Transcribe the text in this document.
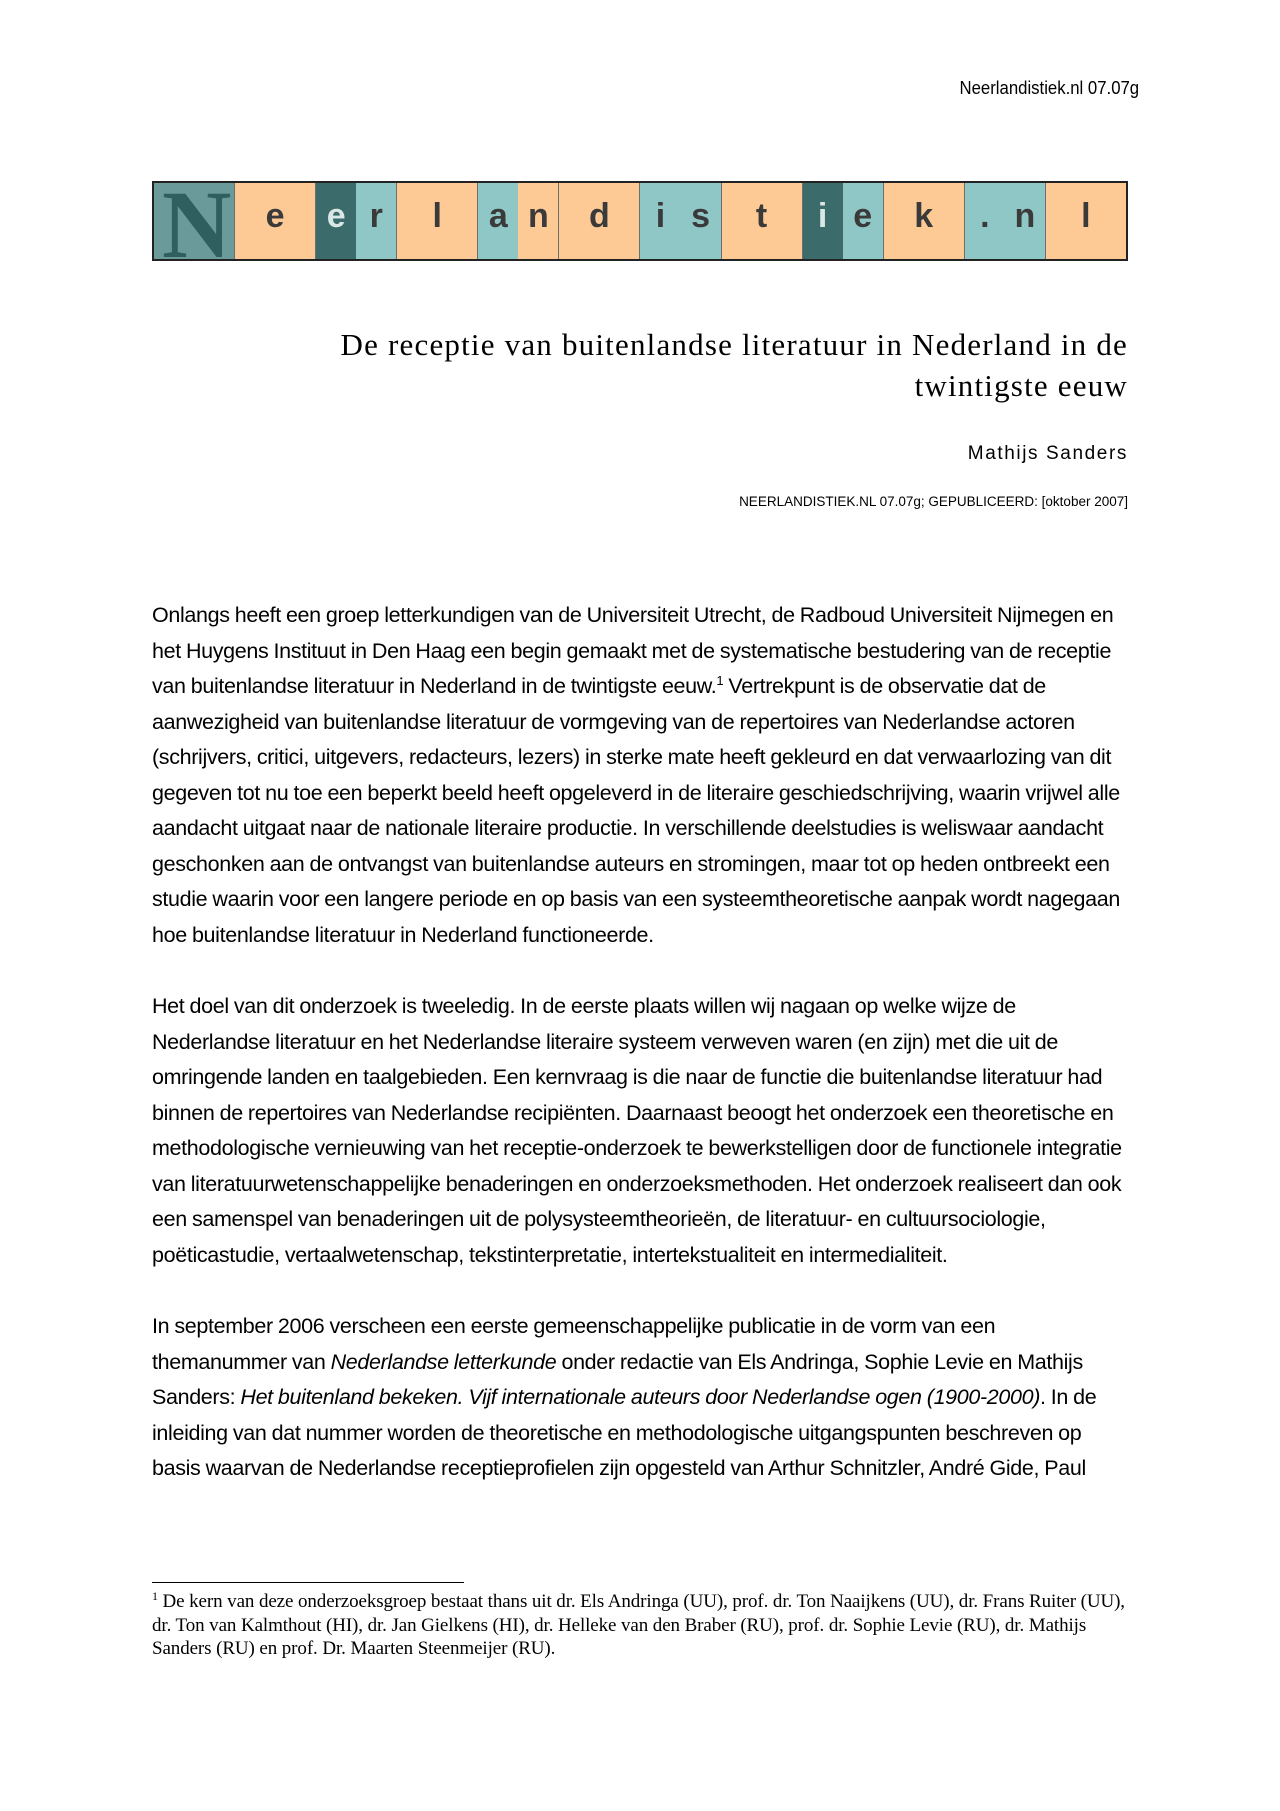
Neerlandistiek.nl 07.07g
N	e	e r	l	a n	d	i s	t	i e	k	. n	l
De receptie van buitenlandse literatuur in Nederland in de
twintigste eeuw
Mathijs Sanders
NEERLANDISTIEK.NL 07.07g; GEPUBLICEERD: [oktober 2007]

Onlangs heeft een groep letterkundigen van de Universiteit Utrecht, de Radboud Universiteit Nijmegen en het Huygens Instituut in Den Haag een begin gemaakt met de systematische bestudering van de receptie van buitenlandse literatuur in Nederland in de twintigste eeuw.$^1$ Vertrekpunt is de observatie dat de aanwezigheid van buitenlandse literatuur de vormgeving van de repertoires van Nederlandse actoren (schrijvers, critici, uitgevers, redacteurs, lezers) in sterke mate heeft gekleurd en dat verwaarlozing van dit gegeven tot nu toe een beperkt beeld heeft opgeleverd in de literaire geschiedschrijving, waarin vrijwel alle aandacht uitgaat naar de nationale literaire productie. In verschillende deelstudies is weliswaar aandacht geschonken aan de ontvangst van buitenlandse auteurs en stromingen, maar tot op heden ontbreekt een studie waarin voor een langere periode en op basis van een systeemtheoretische aanpak wordt nagegaan hoe buitenlandse literatuur in Nederland functioneerde.

Het doel van dit onderzoek is tweeledig. In de eerste plaats willen wij nagaan op welke wijze de Nederlandse literatuur en het Nederlandse literaire systeem verweven waren (en zijn) met die uit de omringende landen en taalgebieden. Een kernvraag is die naar de functie die buitenlandse literatuur had binnen de repertoires van Nederlandse recipiënten. Daarnaast beoogt het onderzoek een theoretische en methodologische vernieuwing van het receptie-onderzoek te bewerkstelligen door de functionele integratie van literatuurwetenschappelijke benaderingen en onderzoeksmethoden. Het onderzoek realiseert dan ook een samenspel van benaderingen uit de polysysteemtheorieën, de literatuur- en cultuursociologie, poëticastudie, vertaalwetenschap, tekstinterpretatie, intertekstualiteit en intermedialiteit.

In september 2006 verscheen een eerste gemeenschappelijke publicatie in de vorm van een themanummer van Nederlandse letterkunde onder redactie van Els Andringa, Sophie Levie en Mathijs Sanders: Het buitenland bekeken. Vijf internationale auteurs door Nederlandse ogen (1900-2000). In de inleiding van dat nummer worden de theoretische en methodologische uitgangspunten beschreven op basis waarvan de Nederlandse receptieprofielen zijn opgesteld van Arthur Schnitzler, André Gide, Paul

$^1$ De kern van deze onderzoeksgroep bestaat thans uit dr. Els Andringa (UU), prof. dr. Ton Naaijkens (UU), dr. Frans Ruiter (UU), dr. Ton van Kalmthout (HI), dr. Jan Gielkens (HI), dr. Helleke van den Braber (RU), prof. dr. Sophie Levie (RU), dr. Mathijs Sanders (RU) en prof. Dr. Maarten Steenmeijer (RU).
